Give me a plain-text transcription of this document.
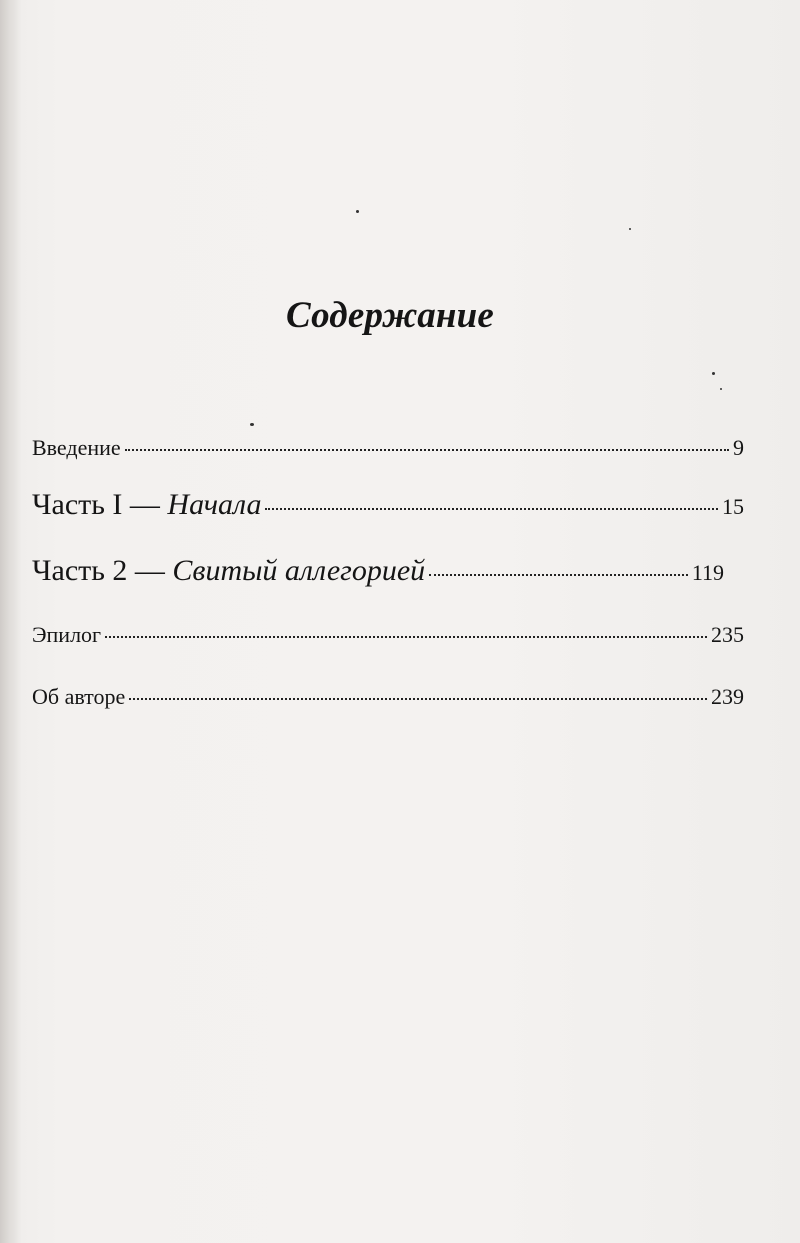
Содержание
Введение	9
Часть I — Начала	15
Часть 2 — Свитый аллегорией	119
Эпилог	235
Об авторе	239
